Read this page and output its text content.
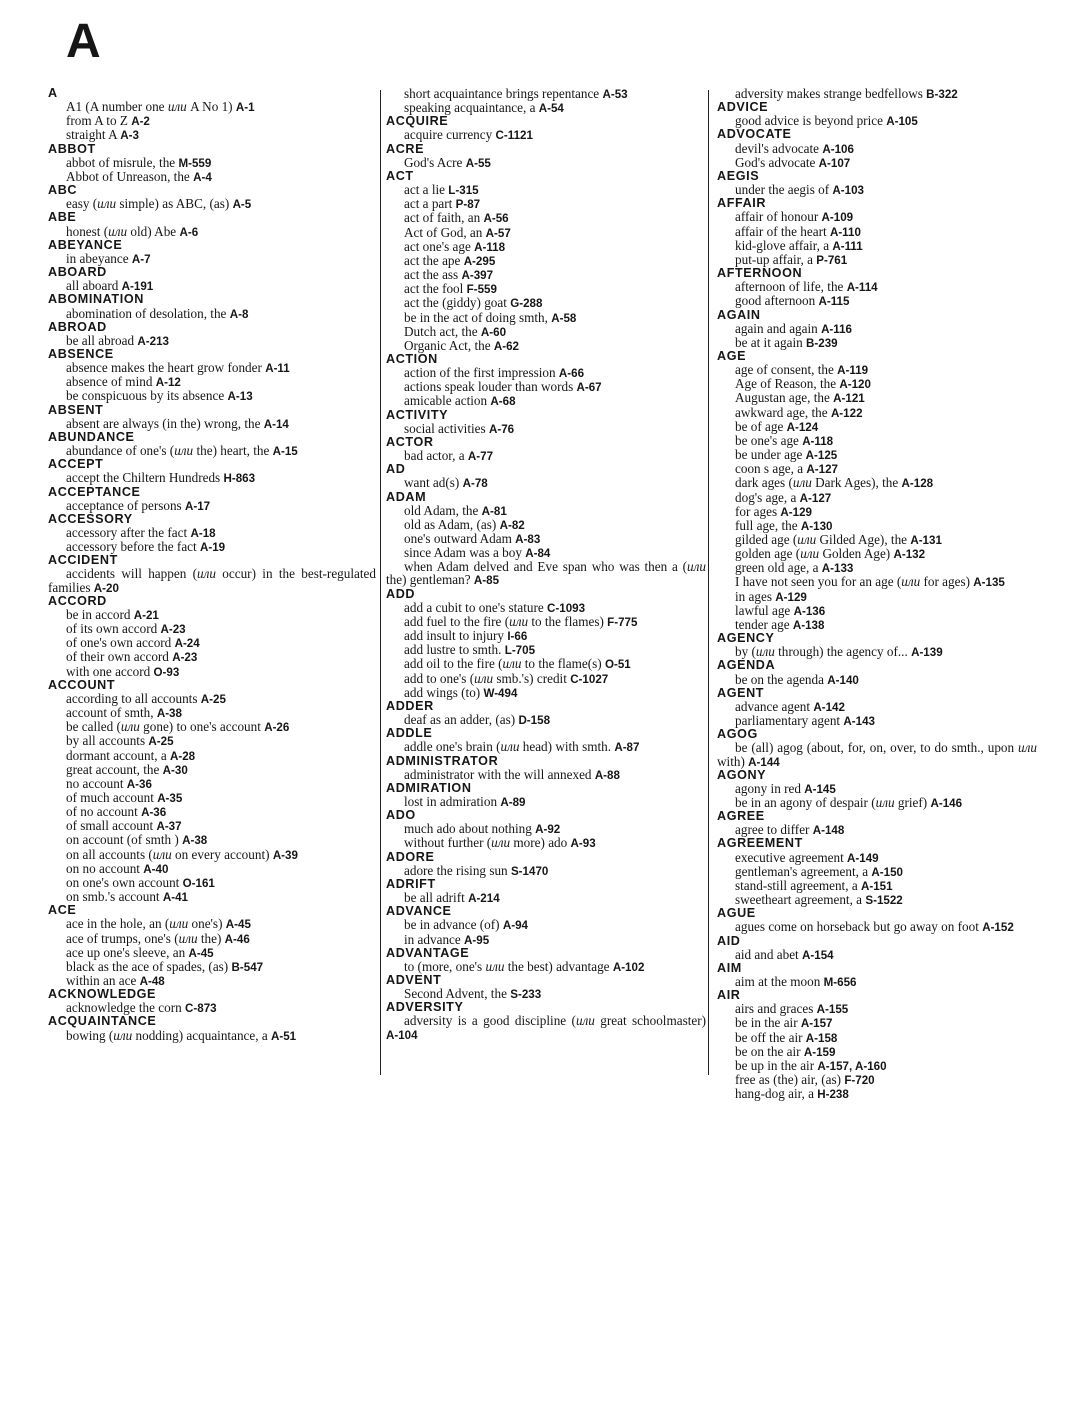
A
A
A1 (A number one или A No 1) A-1
from A to Z A-2
straight A A-3
ABBOT
abbot of misrule, the M-559
Abbot of Unreason, the A-4
ABC
easy (или simple) as ABC, (as) A-5
ABE
honest (или old) Abe A-6
ABEYANCE
in abeyance A-7
ABOARD
all aboard A-191
ABOMINATION
abomination of desolation, the A-8
ABROAD
be all abroad A-213
ABSENCE
absence makes the heart grow fonder A-11
absence of mind A-12
be conspicuous by its absence A-13
ABSENT
absent are always (in the) wrong, the A-14
ABUNDANCE
abundance of one's (или the) heart, the A-15
ACCEPT
accept the Chiltern Hundreds H-863
ACCEPTANCE
acceptance of persons A-17
ACCESSORY
accessory after the fact A-18
accessory before the fact A-19
ACCIDENT
accidents will happen (или occur) in the best-regulated families A-20
ACCORD
be in accord A-21
of its own accord A-23
of one's own accord A-24
of their own accord A-23
with one accord O-93
ACCOUNT
according to all accounts A-25
account of smth, A-38
be called (или gone) to one's account A-26
by all accounts A-25
dormant account, a A-28
great account, the A-30
no account A-36
of much account A-35
of no account A-36
of small account A-37
on account (of smth ) A-38
on all accounts (или on every account) A-39
on no account A-40
on one's own account O-161
on smb.'s account A-41
ACE
ace in the hole, an (или one's) A-45
ace of trumps, one's (или the) A-46
ace up one's sleeve, an A-45
black as the ace of spades, (as) B-547
within an ace A-48
ACKNOWLEDGE
acknowledge the corn C-873
ACQUAINTANCE
bowing (или nodding) acquaintance, a A-51
short acquaintance brings repentance A-53
speaking acquaintance, a A-54
ACQUIRE
acquire currency C-1121
ACRE
God's Acre A-55
ACT
act a lie L-315
act a part P-87
act of faith, an A-56
Act of God, an A-57
act one's age A-118
act the ape A-295
act the ass A-397
act the fool F-559
act the (giddy) goat G-288
be in the act of doing smth, A-58
Dutch act, the A-60
Organic Act, the A-62
ACTION
action of the first impression A-66
actions speak louder than words A-67
amicable action A-68
ACTIVITY
social activities A-76
ACTOR
bad actor, a A-77
AD
want ad(s) A-78
ADAM
old Adam, the A-81
old as Adam, (as) A-82
one's outward Adam A-83
since Adam was a boy A-84
when Adam delved and Eve span who was then a (или the) gentleman? A-85
ADD
add a cubit to one's stature C-1093
add fuel to the fire (или to the flames) F-775
add insult to injury I-66
add lustre to smth. L-705
add oil to the fire (или to the flame(s) O-51
add to one's (или smb.'s) credit C-1027
add wings (to) W-494
ADDER
deaf as an adder, (as) D-158
ADDLE
addle one's brain (или head) with smth. A-87
ADMINISTRATOR
administrator with the will annexed A-88
ADMIRATION
lost in admiration A-89
ADO
much ado about nothing A-92
without further (или more) ado A-93
ADORE
adore the rising sun S-1470
ADRIFT
be all adrift A-214
ADVANCE
be in advance (of) A-94
in advance A-95
ADVANTAGE
to (more, one's или the best) advantage A-102
ADVENT
Second Advent, the S-233
ADVERSITY
adversity is a good discipline (или great schoolmaster) A-104
adversity makes strange bedfellows B-322
ADVICE
good advice is beyond price A-105
ADVOCATE
devil's advocate A-106
God's advocate A-107
AEGIS
under the aegis of A-103
AFFAIR
affair of honour A-109
affair of the heart A-110
kid-glove affair, a A-111
put-up affair, a P-761
AFTERNOON
afternoon of life, the A-114
good afternoon A-115
AGAIN
again and again A-116
be at it again B-239
AGE
age of consent, the A-119
Age of Reason, the A-120
Augustan age, the A-121
awkward age, the A-122
be of age A-124
be one's age A-118
be under age A-125
coon s age, a A-127
dark ages (или Dark Ages), the A-128
dog's age, a A-127
for ages A-129
full age, the A-130
gilded age (или Gilded Age), the A-131
golden age (или Golden Age) A-132
green old age, a A-133
I have not seen you for an age (или for ages) A-135
in ages A-129
lawful age A-136
tender age A-138
AGENCY
by (или through) the agency of... A-139
AGENDA
be on the agenda A-140
AGENT
advance agent A-142
parliamentary agent A-143
AGOG
be (all) agog (about, for, on, over, to do smth., upon или with) A-144
AGONY
agony in red A-145
be in an agony of despair (или grief) A-146
AGREE
agree to differ A-148
AGREEMENT
executive agreement A-149
gentleman's agreement, a A-150
stand-still agreement, a A-151
sweetheart agreement, a S-1522
AGUE
agues come on horseback but go away on foot A-152
AID
aid and abet A-154
AIM
aim at the moon M-656
AIR
airs and graces A-155
be in the air A-157
be off the air A-158
be on the air A-159
be up in the air A-157, A-160
free as (the) air, (as) F-720
hang-dog air, a H-238
